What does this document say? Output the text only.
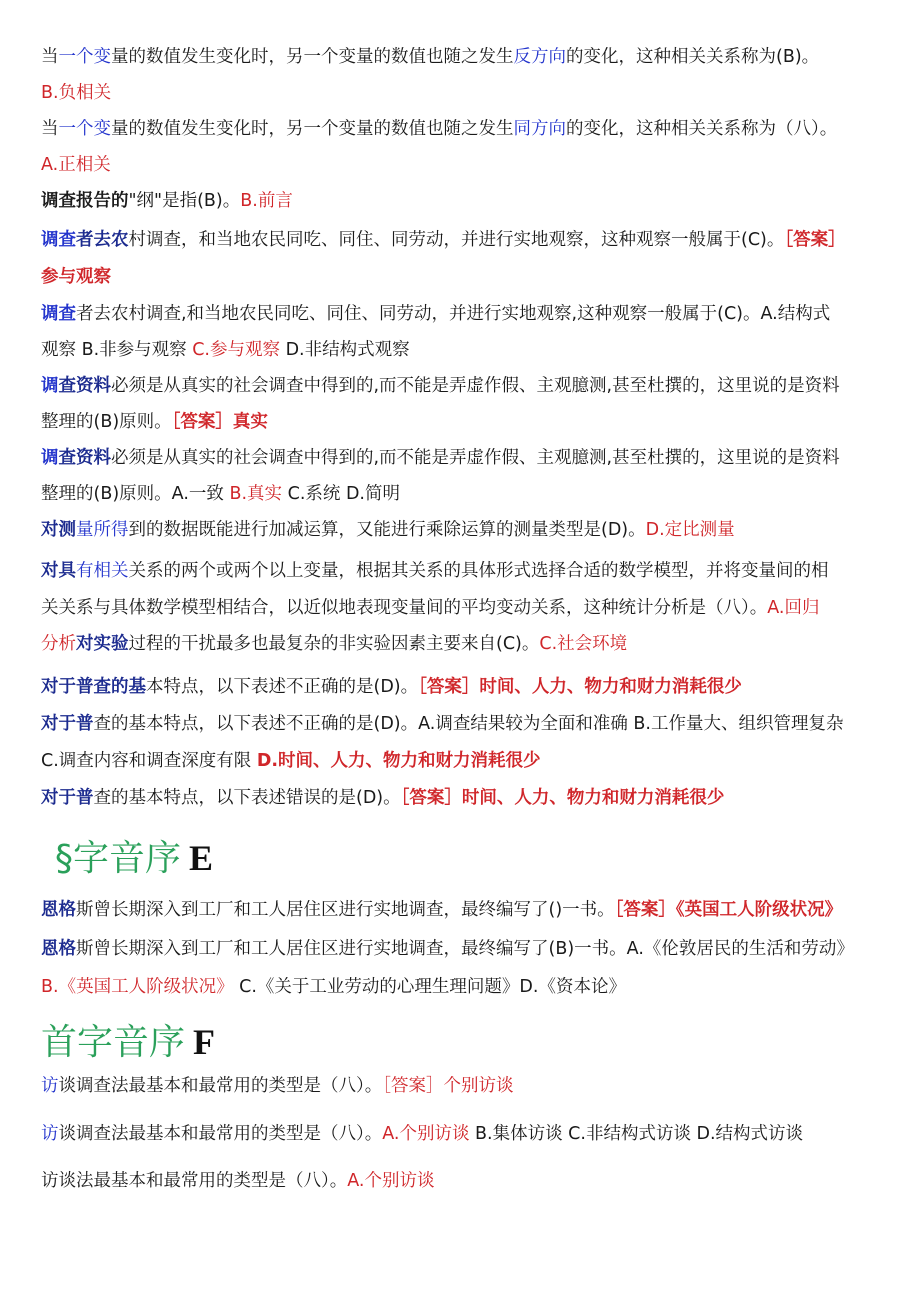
当一个变量的数值发生变化时，另一个变量的数值也随之发生反方向的变化，这种相关关系称为(B)。
B.负相关
当一个变量的数值发生变化时，另一个变量的数值也随之发生同方向的变化，这种相关关系称为（八）。
A.正相关
调查报告的"纲"是指(B)。B.前言
调查者去农村调查，和当地农民同吃、同住、同劳动，并进行实地观察，这种观察一般属于(C)。［答案］
参与观察
调查者去农村调查,和当地农民同吃、同住、同劳动，并进行实地观察,这种观察一般属于(C)。A.结构式
观察 B.非参与观察 C.参与观察 D.非结构式观察
调查资料必须是从真实的社会调查中得到的,而不能是弄虚作假、主观臆测,甚至杜撰的，这里说的是资料
整理的(B)原则。［答案］真实
调查资料必须是从真实的社会调查中得到的,而不能是弄虚作假、主观臆测,甚至杜撰的，这里说的是资料
整理的(B)原则。A.一致 B.真实 C.系统 D.简明
对测量所得到的数据既能进行加减运算，又能进行乘除运算的测量类型是(D)。D.定比测量
对具有相关关系的两个或两个以上变量，根据其关系的具体形式选择合适的数学模型，并将变量间的相
关关系与具体数学模型相结合，以近似地表现变量间的平均变动关系，这种统计分析是（八）。A.回归
分析对实验过程的干扰最多也最复杂的非实验因素主要来自(C)。C.社会环境
对于普查的基本特点，以下表述不正确的是(D)。［答案］时间、人力、物力和财力消耗很少
对于普查的基本特点，以下表述不正确的是(D)。A.调查结果较为全面和准确 B.工作量大、组织管理复杂
C.调查内容和调查深度有限 D.时间、人力、物力和财力消耗很少
对于普查的基本特点，以下表述错误的是(D)。［答案］时间、人力、物力和财力消耗很少
恩格斯曾长期深入到工厂和工人居住区进行实地调查，最终编写了()一书。［答案］《英国工人阶级状况》
恩格斯曾长期深入到工厂和工人居住区进行实地调查，最终编写了(B)一书。A.《伦敦居民的生活和劳动》
B.《英国工人阶级状况》 C.《关于工业劳动的心理生理问题》D.《资本论》
访谈调查法最基本和最常用的类型是（八）。［答案］个别访谈
访谈调查法最基本和最常用的类型是（八）。A.个别访谈 B.集体访谈 C.非结构式访谈 D.结构式访谈
访谈法最基本和最常用的类型是（八）。A.个别访谈
§字音序 E
首字音序 F
